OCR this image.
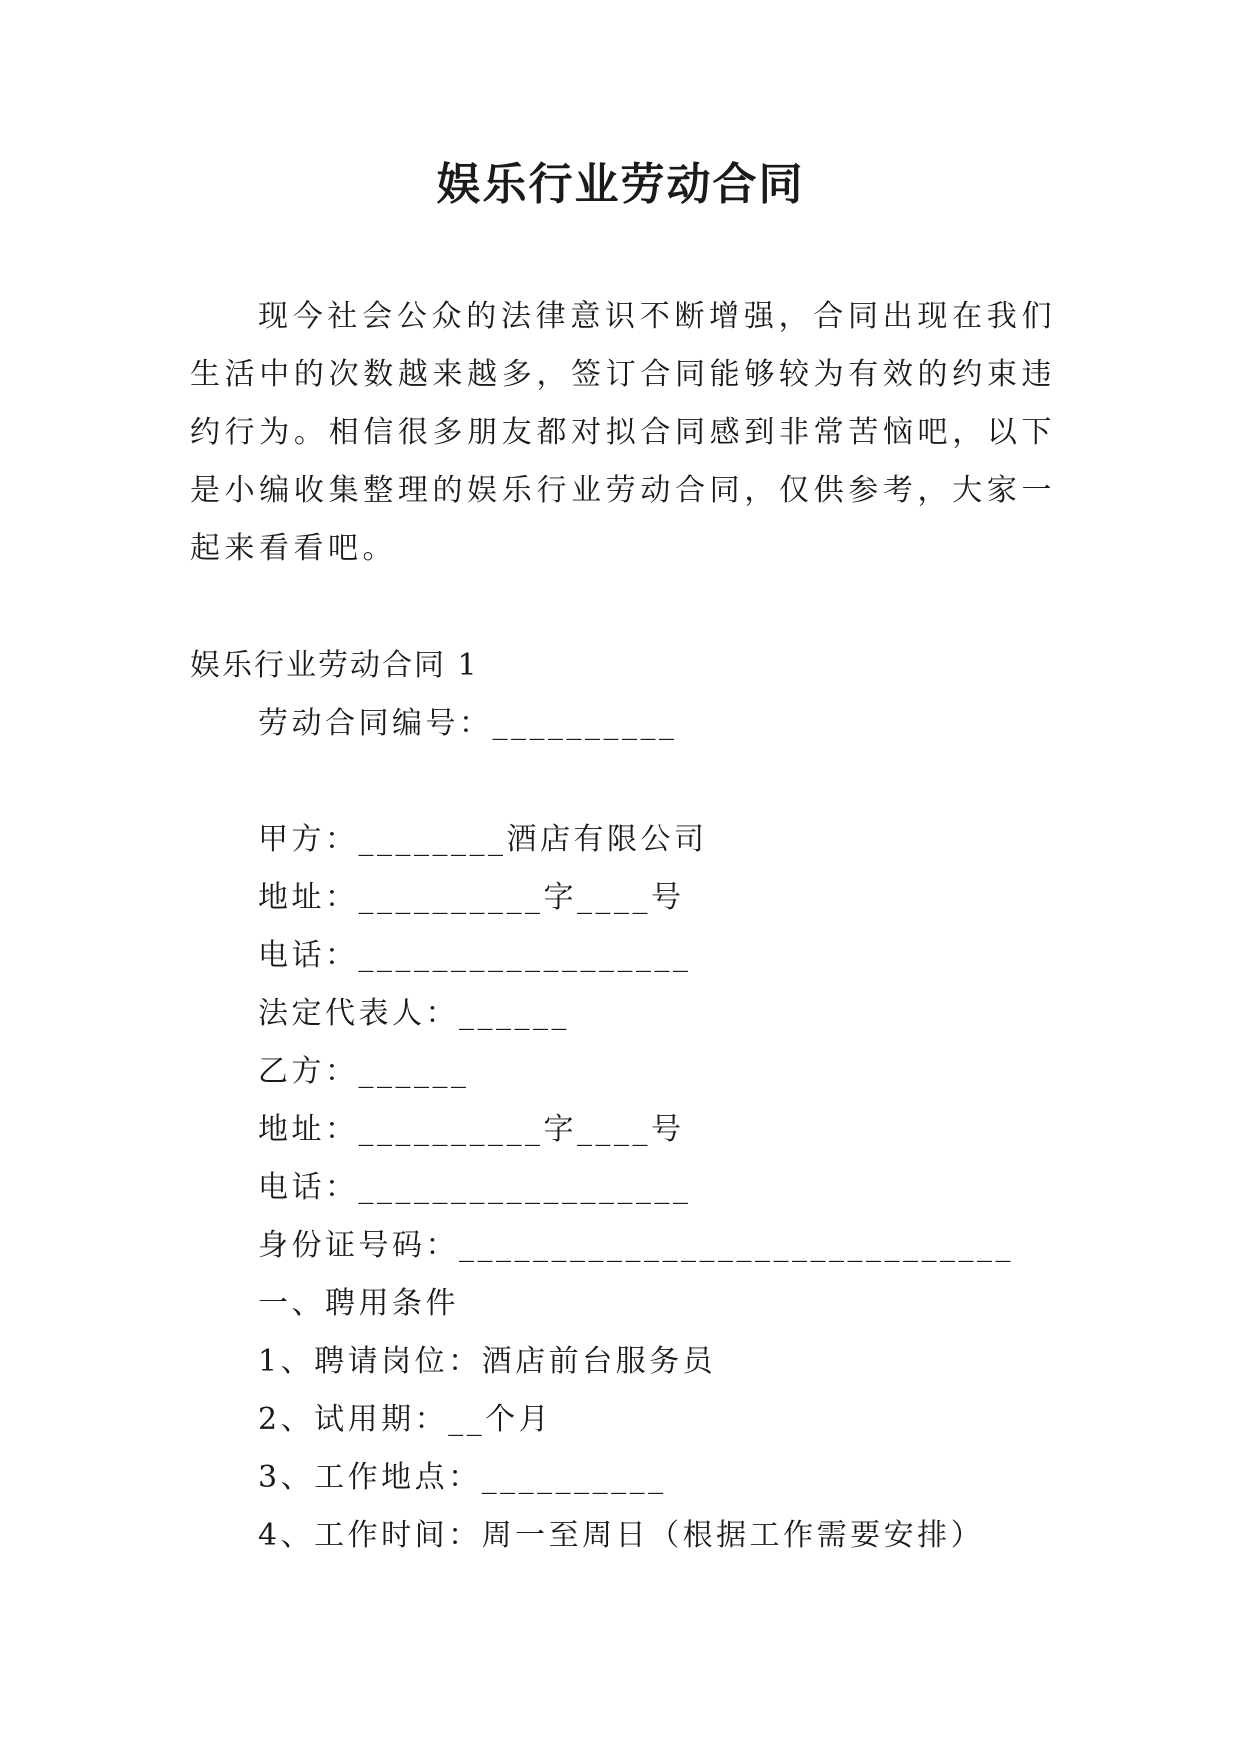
娱乐行业劳动合同

现今社会公众的法律意识不断增强，合同出现在我们生活中的次数越来越多，签订合同能够较为有效的约束违约行为。相信很多朋友都对拟合同感到非常苦恼吧，以下是小编收集整理的娱乐行业劳动合同，仅供参考，大家一起来看看吧。

娱乐行业劳动合同 1

劳动合同编号：__________
甲方：________酒店有限公司
地址：__________字____号
电话：__________________
法定代表人：______
乙方：______
地址：__________字____号
电话：__________________
身份证号码：______________________________
一、聘用条件
1、聘请岗位：酒店前台服务员
2、试用期：__个月
3、工作地点：__________
4、工作时间：周一至周日（根据工作需要安排）
